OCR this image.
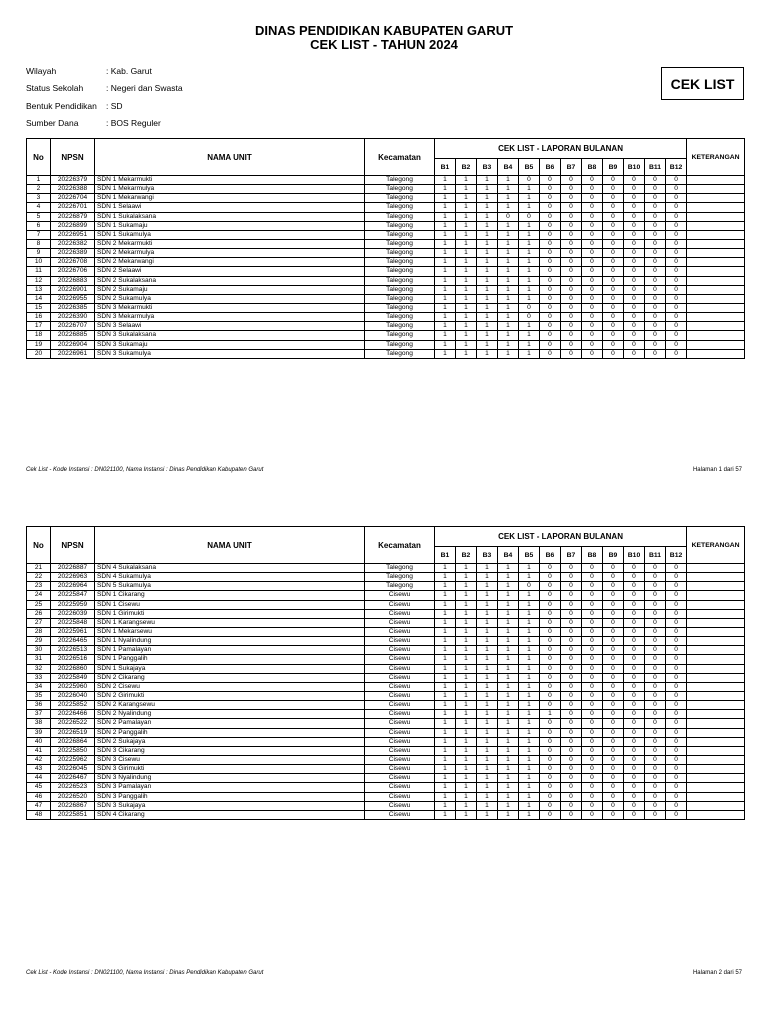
DINAS PENDIDIKAN KABUPATEN GARUT
CEK LIST - TAHUN 2024
Wilayah	: Kab. Garut
Status Sekolah	: Negeri dan Swasta
Bentuk Pendidikan	: SD
Sumber Dana	: BOS Reguler
CEK LIST
No	NPSN	NAMA UNIT	Kecamatan	CEK LIST - LAPORAN BULANAN												KETERANGAN
				B1	B2	B3	B4	B5	B6	B7	B8	B9	B10	B11	B12	
1	20226379	SDN 1 Mekarmukti	Talegong	1	1	1	1	0	0	0	0	0	0	0	0	
2	20226388	SDN 1 Mekarmulya	Talegong	1	1	1	1	1	0	0	0	0	0	0	0	
3	20226704	SDN 1 Mekarwangi	Talegong	1	1	1	1	1	0	0	0	0	0	0	0	
4	20226701	SDN 1 Selaawi	Talegong	1	1	1	1	1	0	0	0	0	0	0	0	
5	20226879	SDN 1 Sukalaksana	Talegong	1	1	1	0	0	0	0	0	0	0	0	0	
6	20226899	SDN 1 Sukamaju	Talegong	1	1	1	1	1	0	0	0	0	0	0	0	
7	20226951	SDN 1 Sukamulya	Talegong	1	1	1	1	1	0	0	0	0	0	0	0	
8	20226382	SDN 2 Mekarmukti	Talegong	1	1	1	1	1	0	0	0	0	0	0	0	
9	20226389	SDN 2 Mekarmulya	Talegong	1	1	1	1	1	0	0	0	0	0	0	0	
10	20226708	SDN 2 Mekarwangi	Talegong	1	1	1	1	1	0	0	0	0	0	0	0	
11	20226706	SDN 2 Selaawi	Talegong	1	1	1	1	1	0	0	0	0	0	0	0	
12	20226883	SDN 2 Sukalaksana	Talegong	1	1	1	1	1	0	0	0	0	0	0	0	
13	20226901	SDN 2 Sukamaju	Talegong	1	1	1	1	1	0	0	0	0	0	0	0	
14	20226955	SDN 2 Sukamulya	Talegong	1	1	1	1	1	0	0	0	0	0	0	0	
15	20226385	SDN 3 Mekarmukti	Talegong	1	1	1	1	0	0	0	0	0	0	0	0	
16	20226390	SDN 3 Mekarmulya	Talegong	1	1	1	1	0	0	0	0	0	0	0	0	
17	20226707	SDN 3 Selaawi	Talegong	1	1	1	1	1	0	0	0	0	0	0	0	
18	20226885	SDN 3 Sukalaksana	Talegong	1	1	1	1	1	0	0	0	0	0	0	0	
19	20226904	SDN 3 Sukamaju	Talegong	1	1	1	1	1	0	0	0	0	0	0	0	
20	20226961	SDN 3 Sukamulya	Talegong	1	1	1	1	1	0	0	0	0	0	0	0	
Cek List - Kode Instansi : DN021100, Nama Instansi : Dinas Pendidikan Kabupaten Garut	Halaman 1 dari 57
No	NPSN	NAMA UNIT	Kecamatan	CEK LIST - LAPORAN BULANAN												KETERANGAN
				B1	B2	B3	B4	B5	B6	B7	B8	B9	B10	B11	B12	
21	20226887	SDN 4 Sukalaksana	Talegong	1	1	1	1	1	0	0	0	0	0	0	0	
22	20226963	SDN 4 Sukamulya	Talegong	1	1	1	1	1	0	0	0	0	0	0	0	
23	20226964	SDN 5 Sukamulya	Talegong	1	1	1	1	0	0	0	0	0	0	0	0	
24	20225847	SDN 1 Cikarang	Cisewu	1	1	1	1	1	0	0	0	0	0	0	0	
25	20225959	SDN 1 Cisewu	Cisewu	1	1	1	1	1	0	0	0	0	0	0	0	
26	20226039	SDN 1 Girimukti	Cisewu	1	1	1	1	1	0	0	0	0	0	0	0	
27	20225848	SDN 1 Karangsewu	Cisewu	1	1	1	1	1	0	0	0	0	0	0	0	
28	20225961	SDN 1 Mekarsewu	Cisewu	1	1	1	1	1	0	0	0	0	0	0	0	
29	20226465	SDN 1 Nyalindung	Cisewu	1	1	1	1	1	0	0	0	0	0	0	0	
30	20226513	SDN 1 Pamalayan	Cisewu	1	1	1	1	1	0	0	0	0	0	0	0	
31	20226516	SDN 1 Panggalih	Cisewu	1	1	1	1	1	0	0	0	0	0	0	0	
32	20226860	SDN 1 Sukajaya	Cisewu	1	1	1	1	1	0	0	0	0	0	0	0	
33	20225849	SDN 2 Cikarang	Cisewu	1	1	1	1	1	0	0	0	0	0	0	0	
34	20225960	SDN 2 Cisewu	Cisewu	1	1	1	1	1	0	0	0	0	0	0	0	
35	20226040	SDN 2 Girimukti	Cisewu	1	1	1	1	1	0	0	0	0	0	0	0	
36	20225852	SDN 2 Karangsewu	Cisewu	1	1	1	1	1	0	0	0	0	0	0	0	
37	20226466	SDN 2 Nyalindung	Cisewu	1	1	1	1	1	1	0	0	0	0	0	0	
38	20226522	SDN 2 Pamalayan	Cisewu	1	1	1	1	1	0	0	0	0	0	0	0	
39	20226519	SDN 2 Panggalih	Cisewu	1	1	1	1	1	0	0	0	0	0	0	0	
40	20226864	SDN 2 Sukajaya	Cisewu	1	1	1	1	1	0	0	0	0	0	0	0	
41	20225850	SDN 3 Cikarang	Cisewu	1	1	1	1	1	0	0	0	0	0	0	0	
42	20225962	SDN 3 Cisewu	Cisewu	1	1	1	1	1	0	0	0	0	0	0	0	
43	20226045	SDN 3 Girimukti	Cisewu	1	1	1	1	1	0	0	0	0	0	0	0	
44	20226467	SDN 3 Nyalindung	Cisewu	1	1	1	1	1	0	0	0	0	0	0	0	
45	20226523	SDN 3 Pamalayan	Cisewu	1	1	1	1	1	0	0	0	0	0	0	0	
46	20226520	SDN 3 Panggalih	Cisewu	1	1	1	1	1	0	0	0	0	0	0	0	
47	20226867	SDN 3 Sukajaya	Cisewu	1	1	1	1	1	0	0	0	0	0	0	0	
48	20225851	SDN 4 Cikarang	Cisewu	1	1	1	1	1	0	0	0	0	0	0	0	
Cek List - Kode Instansi : DN021100, Nama Instansi : Dinas Pendidikan Kabupaten Garut	Halaman 2 dari 57
